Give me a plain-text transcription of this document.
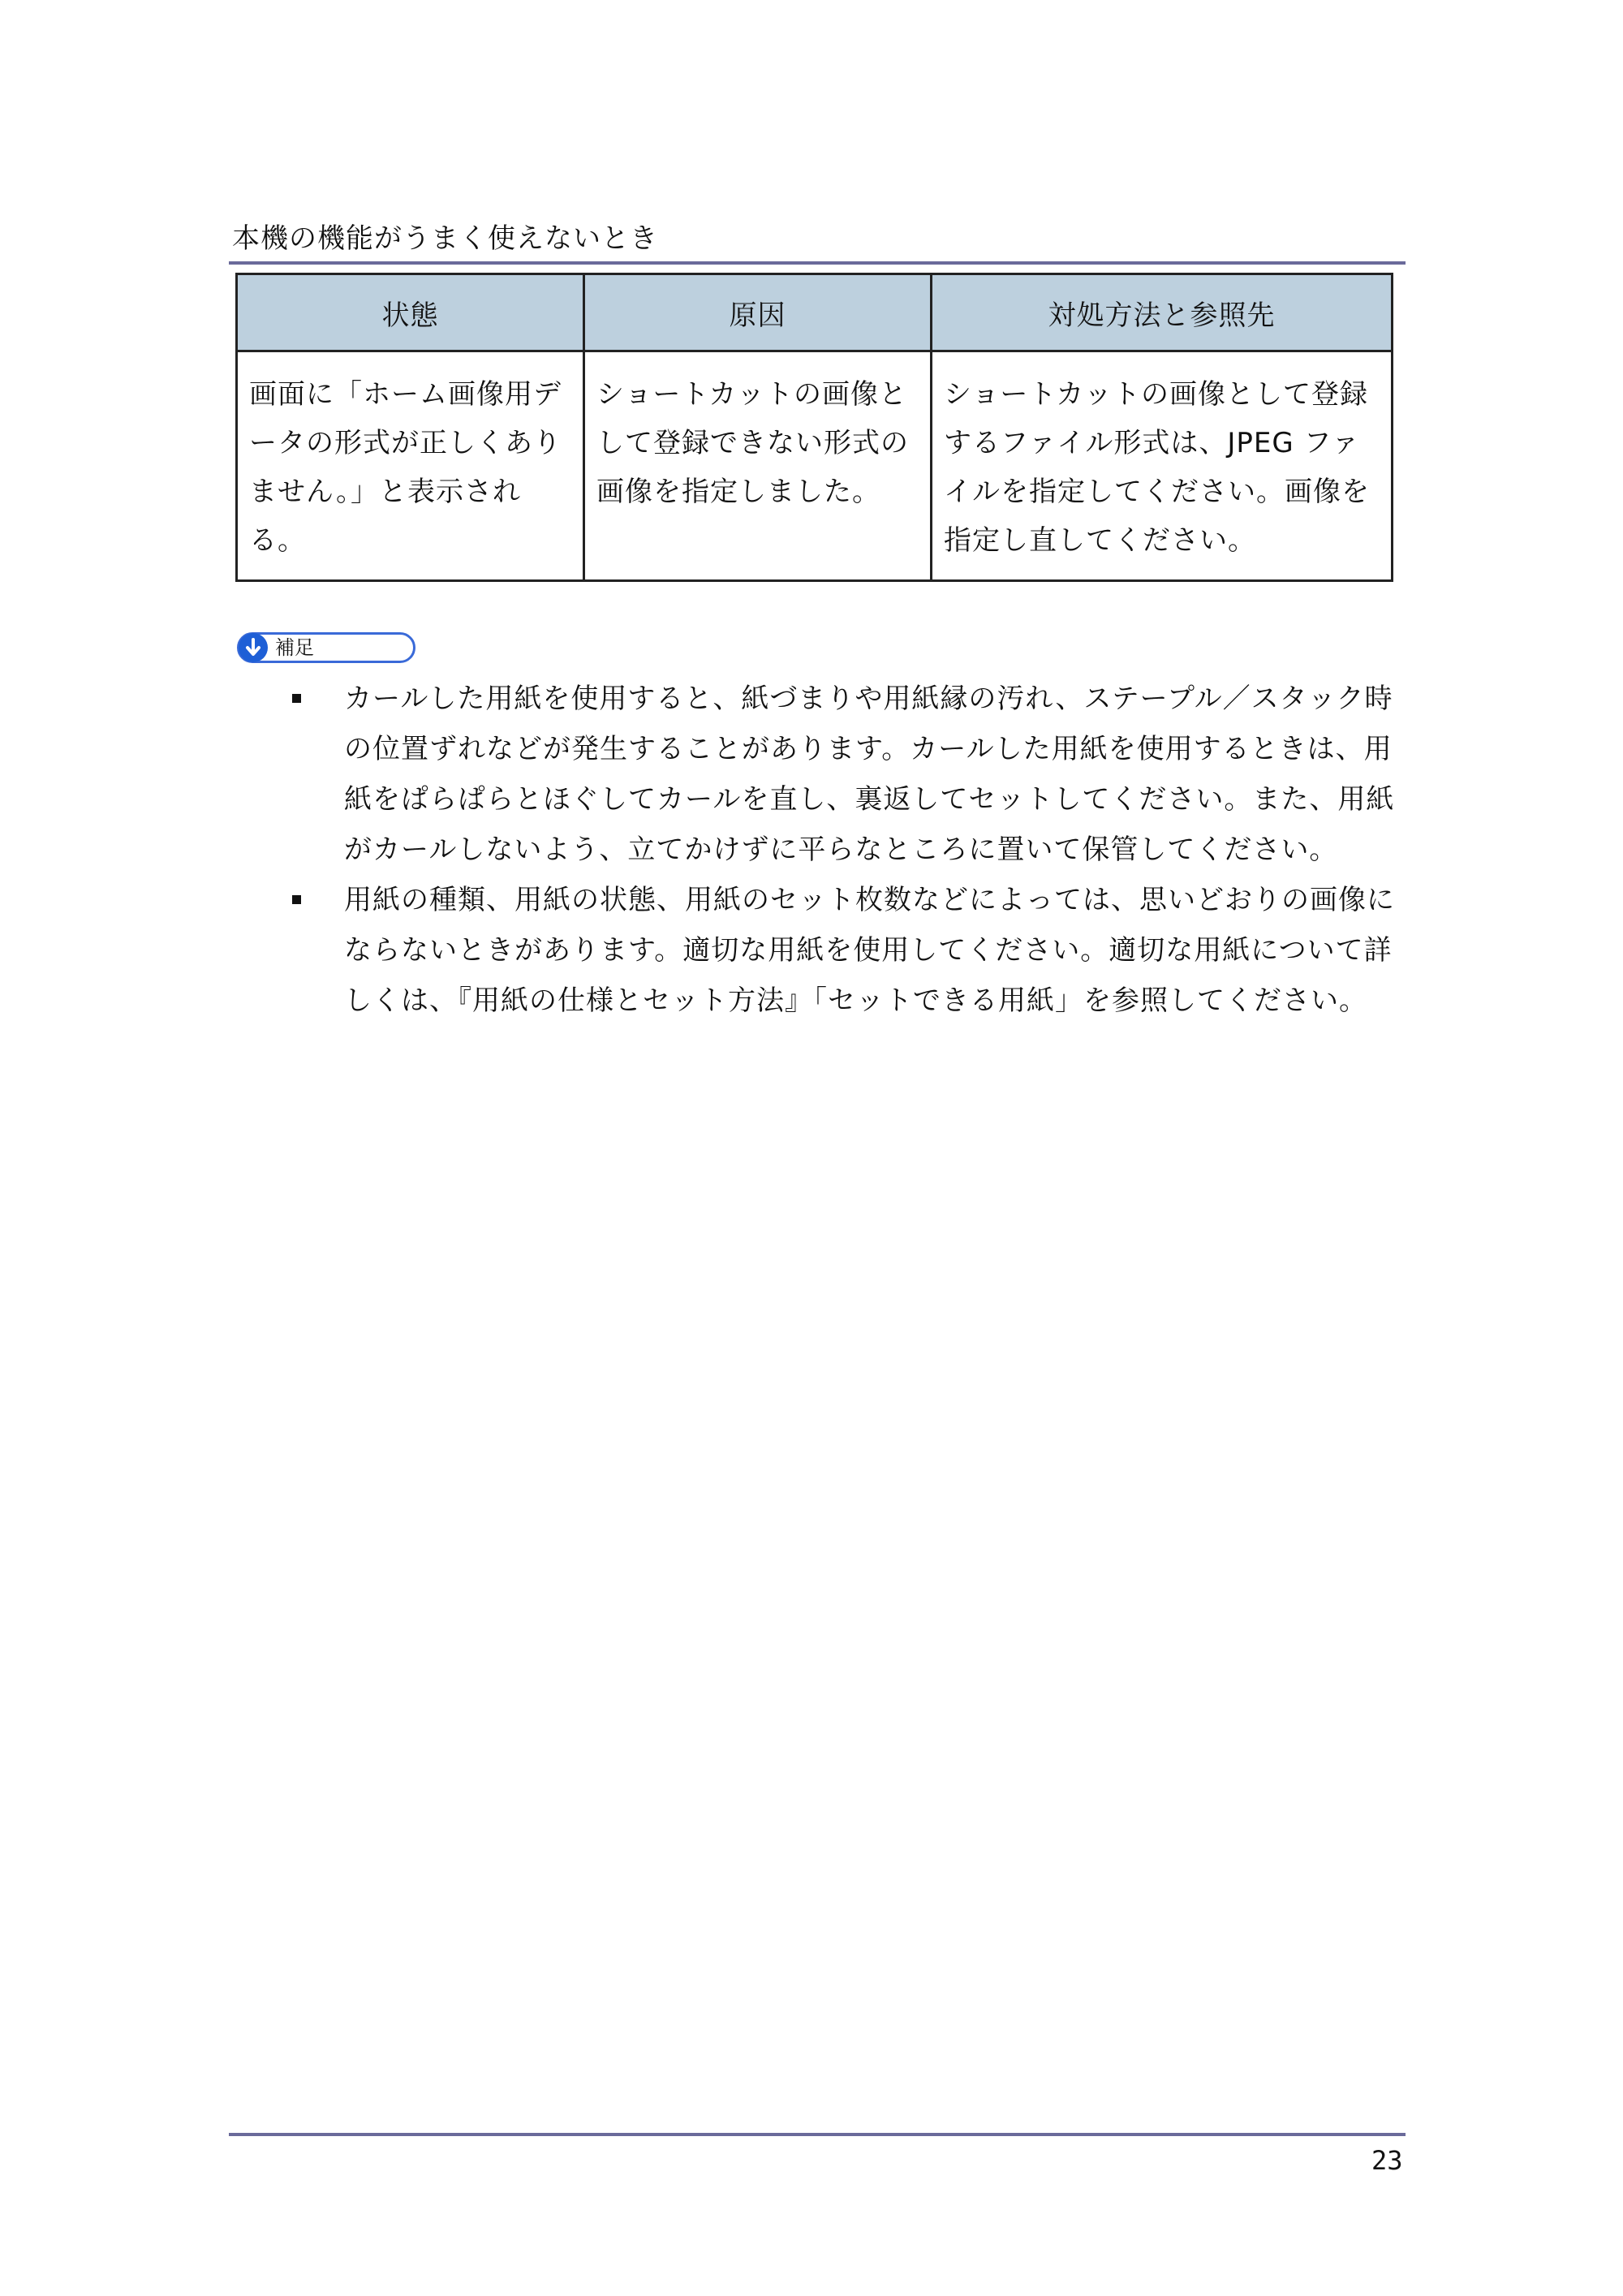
本機の機能がうまく使えないとき
状態	原因	対処方法と参照先
画面に「ホーム画像用データの形式が正しくありません。」と表示される。	ショートカットの画像として登録できない形式の画像を指定しました。	ショートカットの画像として登録するファイル形式は、JPEG ファイルを指定してください。画像を指定し直してください。
補足
カールした用紙を使用すると、紙づまりや用紙縁の汚れ、ステープル／スタック時の位置ずれなどが発生することがあります。カールした用紙を使用するときは、用紙をぱらぱらとほぐしてカールを直し、裏返してセットしてください。また、用紙がカールしないよう、立てかけずに平らなところに置いて保管してください。
用紙の種類、用紙の状態、用紙のセット枚数などによっては、思いどおりの画像にならないときがあります。適切な用紙を使用してください。適切な用紙について詳しくは、『用紙の仕様とセット方法』「セットできる用紙」を参照してください。
23
